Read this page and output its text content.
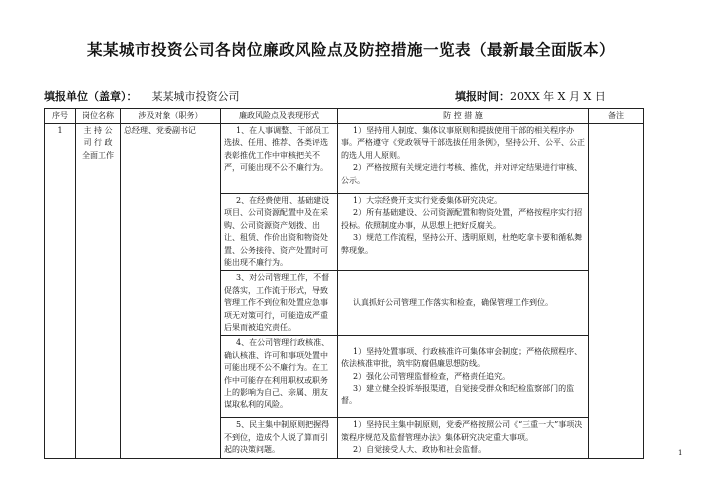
某某城市投资公司各岗位廉政风险点及防控措施一览表（最新最全面版本）
填报单位（盖章）： 某某城市投资公司	填报时间：20XX 年 X 月 X 日
序号	岗位名称	涉及对象（职务）	廉政风险点及表现形式	防 控 措 施	备注
1	主 持 公 司 行 政 全面工作	总经理、党委副书记	1、在人事调整、干部员工选拔、任用、推荐、各类评选表彰推优工作中审核把关不严，可能出现不公不廉行为。	1）坚持用人制度、集体议事原则和提拔使用干部的相关程序办事。严格遵守《党政领导干部选拔任用条例》，坚持公开、公平、公正的选人用人原则。
2）严格按照有关规定进行考核、推优，并对评定结果进行审核、公示。	

			2、在经费使用、基础建设项目、公司资源配置中及在采购、公司资源资产划拨、出让、租赁、作价出资和物资处置、公务接待、资产处置时可能出现不廉行为。	1）大宗经费开支实行党委集体研究决定。
2）所有基础建设、公司资源配置和物资处置，严格按程序实行招投标。依照制度办事，从思想上把好反腐关。
3）规范工作流程，坚持公开、透明原则，杜绝吃拿卡要和循私舞弊现象。	

			3、对公司管理工作，不督促落实，工作流于形式，导致管理工作不到位和处置应急事项无对策可行，可能造成严重后果而被追究责任。	认真抓好公司管理工作落实和检查，确保管理工作到位。	

			4、在公司管理行政核准、确认核准、许可和事项处置中可能出现不公不廉行为。在工作中可能存在利用职权或职务上的影响为自己、亲属、朋友谋取私利的风险。	1）坚持处置事项、行政核准许可集体审会制度；严格依照程序、依法核准审批，筑牢防腐倡廉思想防线。
2）强化公司管理监督检查，严格责任追究。
3）建立健全投诉举报渠道，自觉接受群众和纪检监察部门的监督。	

			5、民主集中制原则把握得不到位，造成个人说了算而引起的决策问题。	1）坚持民主集中制原则，党委严格按照公司《“三重一大”事项决策程序规范及监督管理办法》集体研究决定重大事项。
2）自觉接受人大、政协和社会监督。		1
